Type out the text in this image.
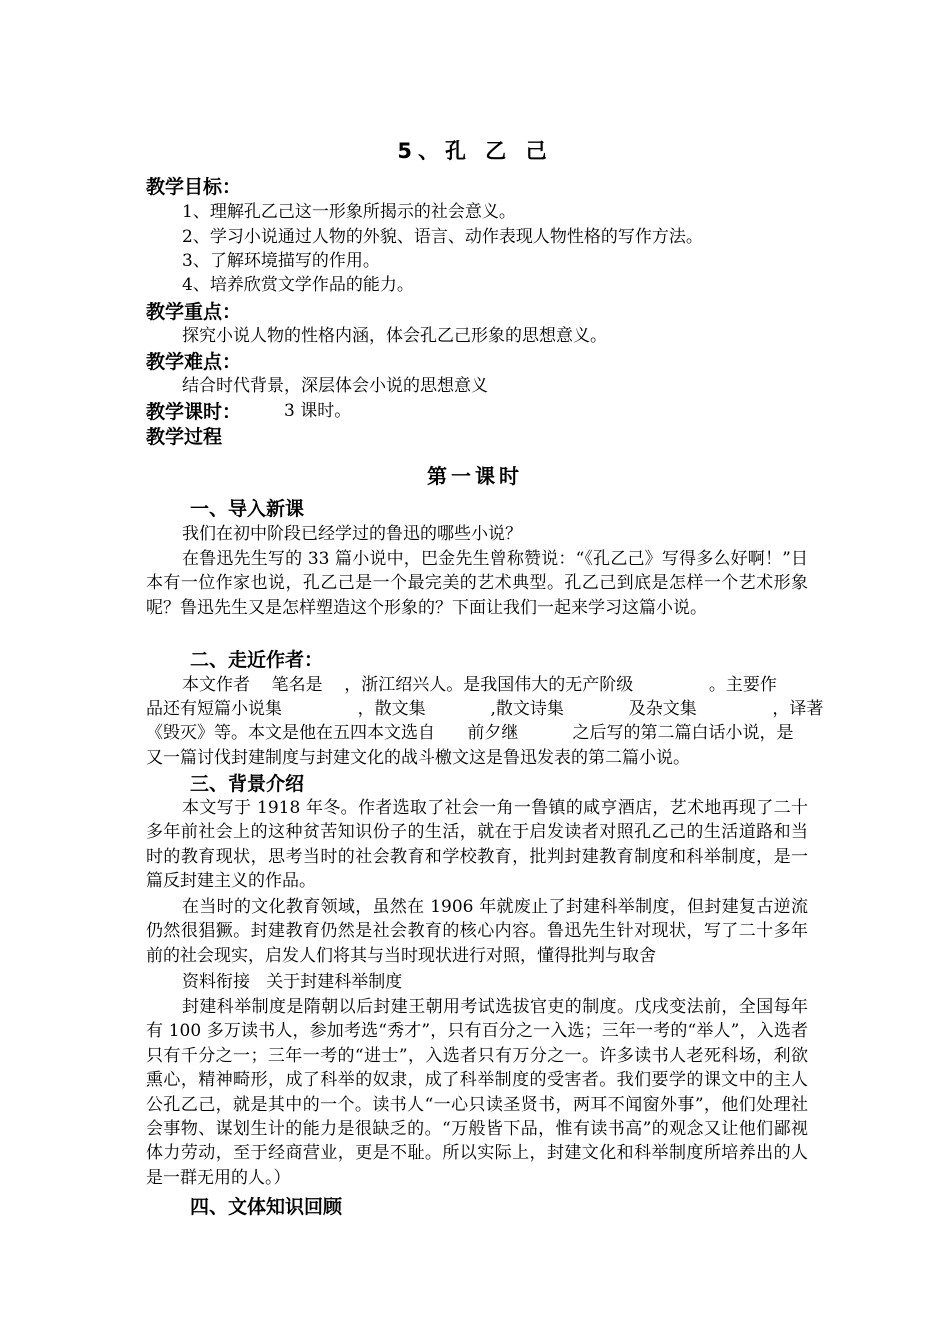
5、孔 乙 己
教学目标：
1、理解孔乙己这一形象所揭示的社会意义。
2、学习小说通过人物的外貌、语言、动作表现人物性格的写作方法。
3、了解环境描写的作用。
4、培养欣赏文学作品的能力。
教学重点：
探究小说人物的性格内涵，体会孔乙己形象的思想意义。
教学难点：
结合时代背景，深层体会小说的思想意义
教学课时：	3 课时。
教学过程
第一课时
一、导入新课
我们在初中阶段已经学过的鲁迅的哪些小说？
在鲁迅先生写的 33 篇小说中，巴金先生曾称赞说：“《孔乙己》写得多么好啊！”日本有一位作家也说，孔乙己是一个最完美的艺术典型。孔乙己到底是怎样一个艺术形象呢？鲁迅先生又是怎样塑造这个形象的？下面让我们一起来学习这篇小说。
二、走近作者：
本文作者    笔名是    ，浙江绍兴人。是我国伟大的无产阶级              。主要作
品还有短篇小说集              ，散文集            ,散文诗集            及杂文集              ，译著
《毁灭》等。本文是他在五四本文选自      前夕继          之后写的第二篇白话小说，是
又一篇讨伐封建制度与封建文化的战斗檄文这是鲁迅发表的第二篇小说。
三、背景介绍
本文写于 1918 年冬。作者选取了社会一角一鲁镇的咸亨酒店，艺术地再现了二十多年前社会上的这种贫苦知识份子的生活，就在于启发读者对照孔乙己的生活道路和当时的教育现状，思考当时的社会教育和学校教育，批判封建教育制度和科举制度，是一篇反封建主义的作品。
在当时的文化教育领域，虽然在 1906 年就废止了封建科举制度，但封建复古逆流仍然很猖獗。封建教育仍然是社会教育的核心内容。鲁迅先生针对现状，写了二十多年前的社会现实，启发人们将其与当时现状进行对照，懂得批判与取舍
资料衔接   关于封建科举制度
封建科举制度是隋朝以后封建王朝用考试选拔官吏的制度。戊戌变法前，全国每年有 100 多万读书人，参加考选“秀才”，只有百分之一入选；三年一考的“举人”，入选者只有千分之一；三年一考的“进士”，入选者只有万分之一。许多读书人老死科场，利欲熏心，精神畸形，成了科举的奴隶，成了科举制度的受害者。我们要学的课文中的主人公孔乙己，就是其中的一个。读书人“一心只读圣贤书，两耳不闻窗外事”，他们处理社会事物、谋划生计的能力是很缺乏的。“万般皆下品，惟有读书高”的观念又让他们鄙视体力劳动，至于经商营业，更是不耻。所以实际上，封建文化和科举制度所培养出的人是一群无用的人。）
四、文体知识回顾
